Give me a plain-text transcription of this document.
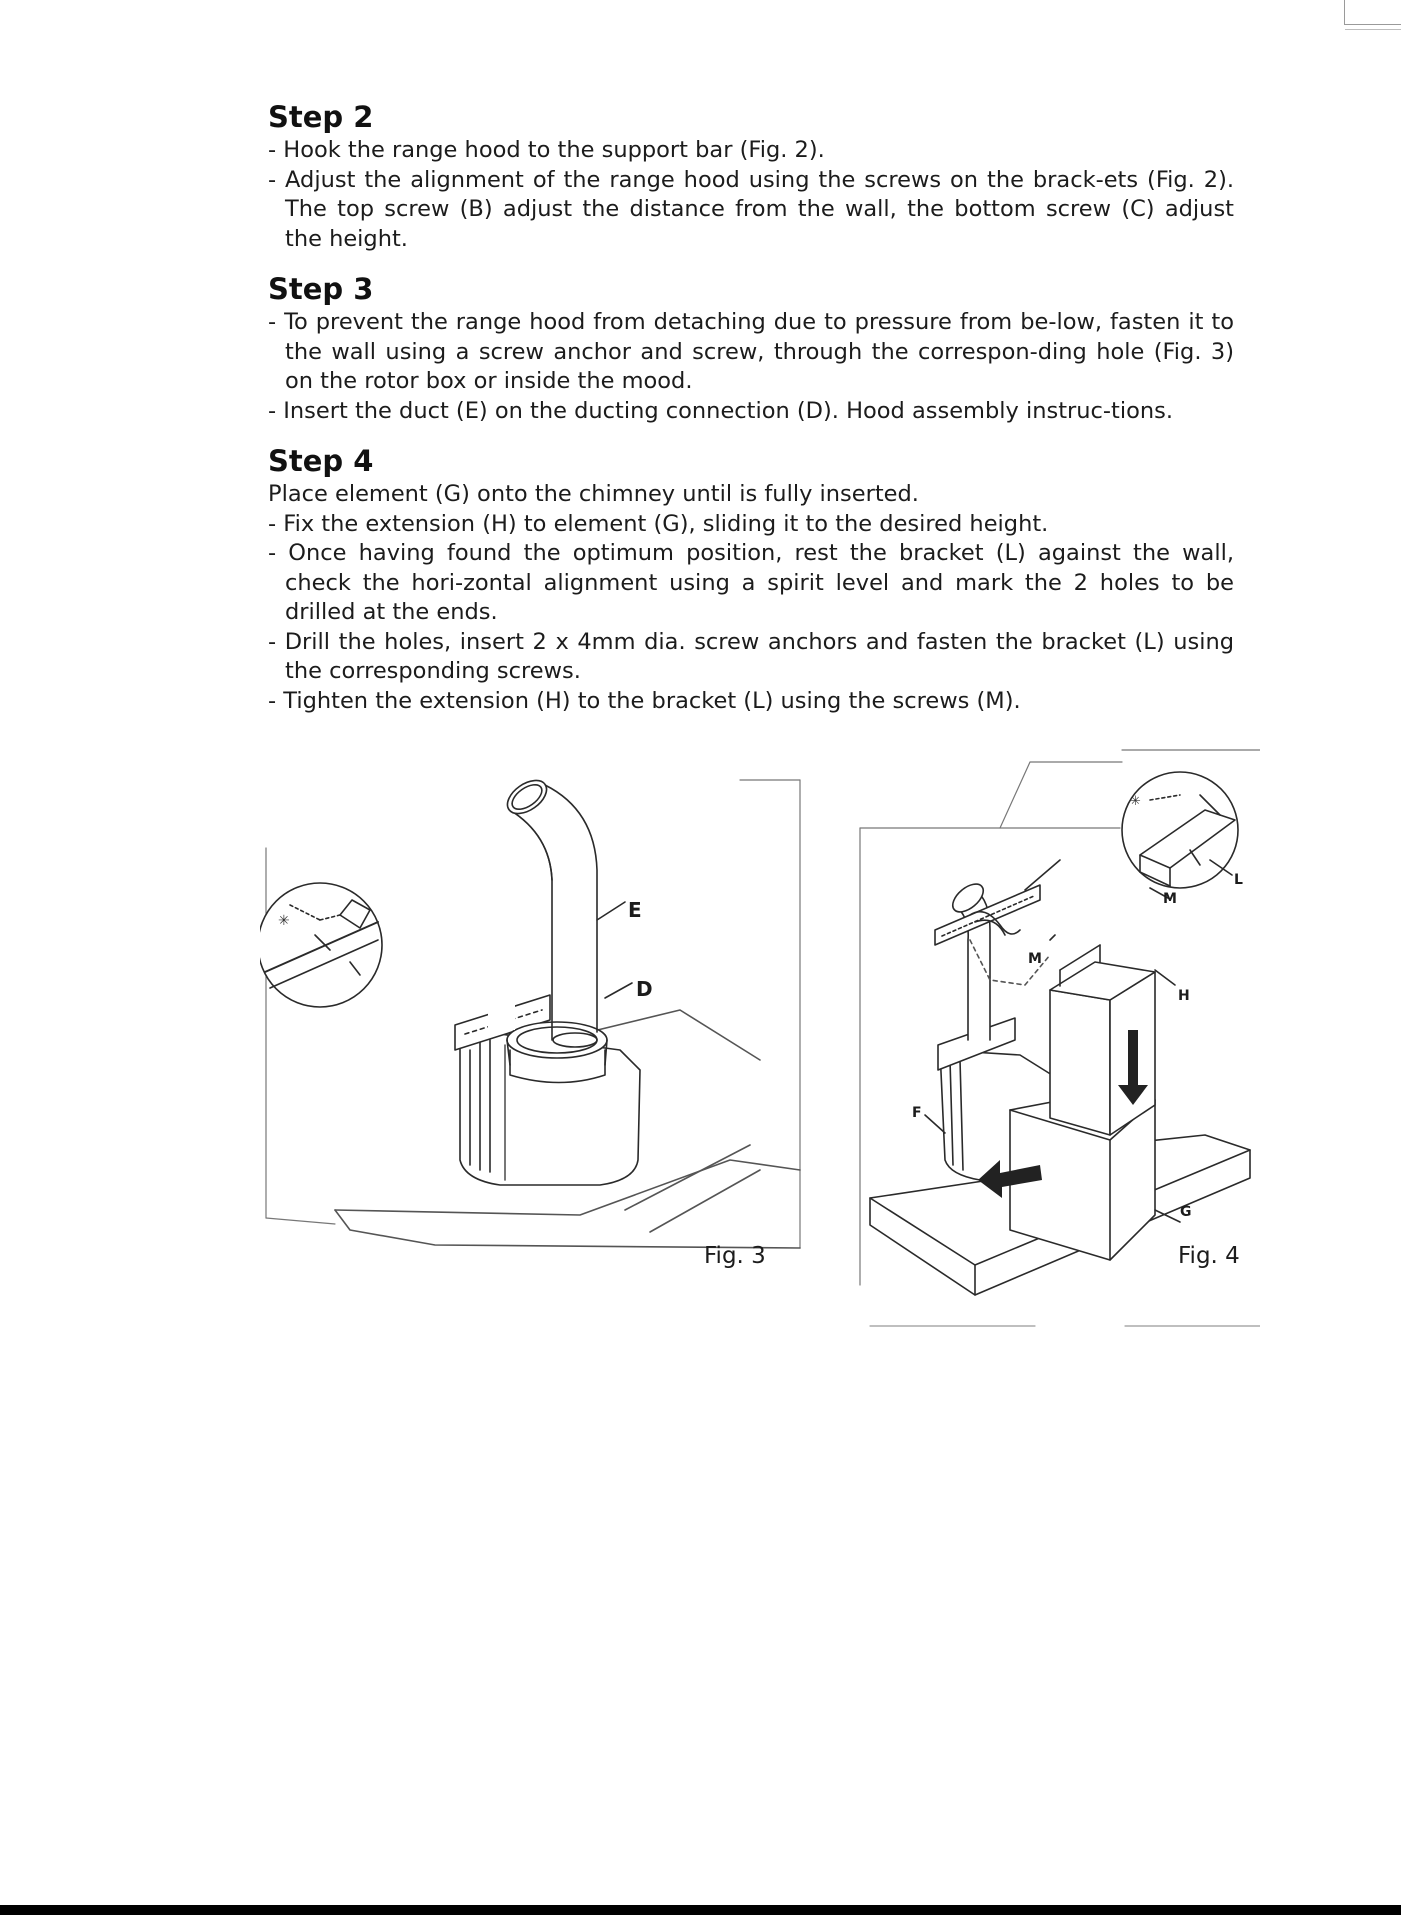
Step 2
- Hook the range hood to the support bar (Fig. 2).
- Adjust the alignment of the range hood using the screws on the brack-ets (Fig. 2). The top screw (B) adjust the distance from the wall, the bottom screw (C) adjust the height.
Step 3
- To prevent the range hood from detaching due to pressure from be-low, fasten it to the wall using a screw anchor and screw, through the correspon-ding hole (Fig. 3) on the rotor box or inside the mood.
- Insert the duct (E) on the ducting connection (D). Hood assembly instruc-tions.
Step 4

Place element (G) onto the chimney until is fully inserted.

- Fix the extension (H) to element (G), sliding it to the desired height.
- Once having found the optimum position, rest the bracket (L) against the wall, check the hori-zontal alignment using a spirit level and mark the 2 holes to be drilled at the ends.
- Drill the holes, insert 2 x 4mm dia. screw anchors and fasten the bracket (L) using the corresponding screws.
- Tighten the extension (H) to the bracket (L) using the screws (M).
✳	E
D
Fig. 3
✳
M
L
M
H
F
G
Fig. 4
